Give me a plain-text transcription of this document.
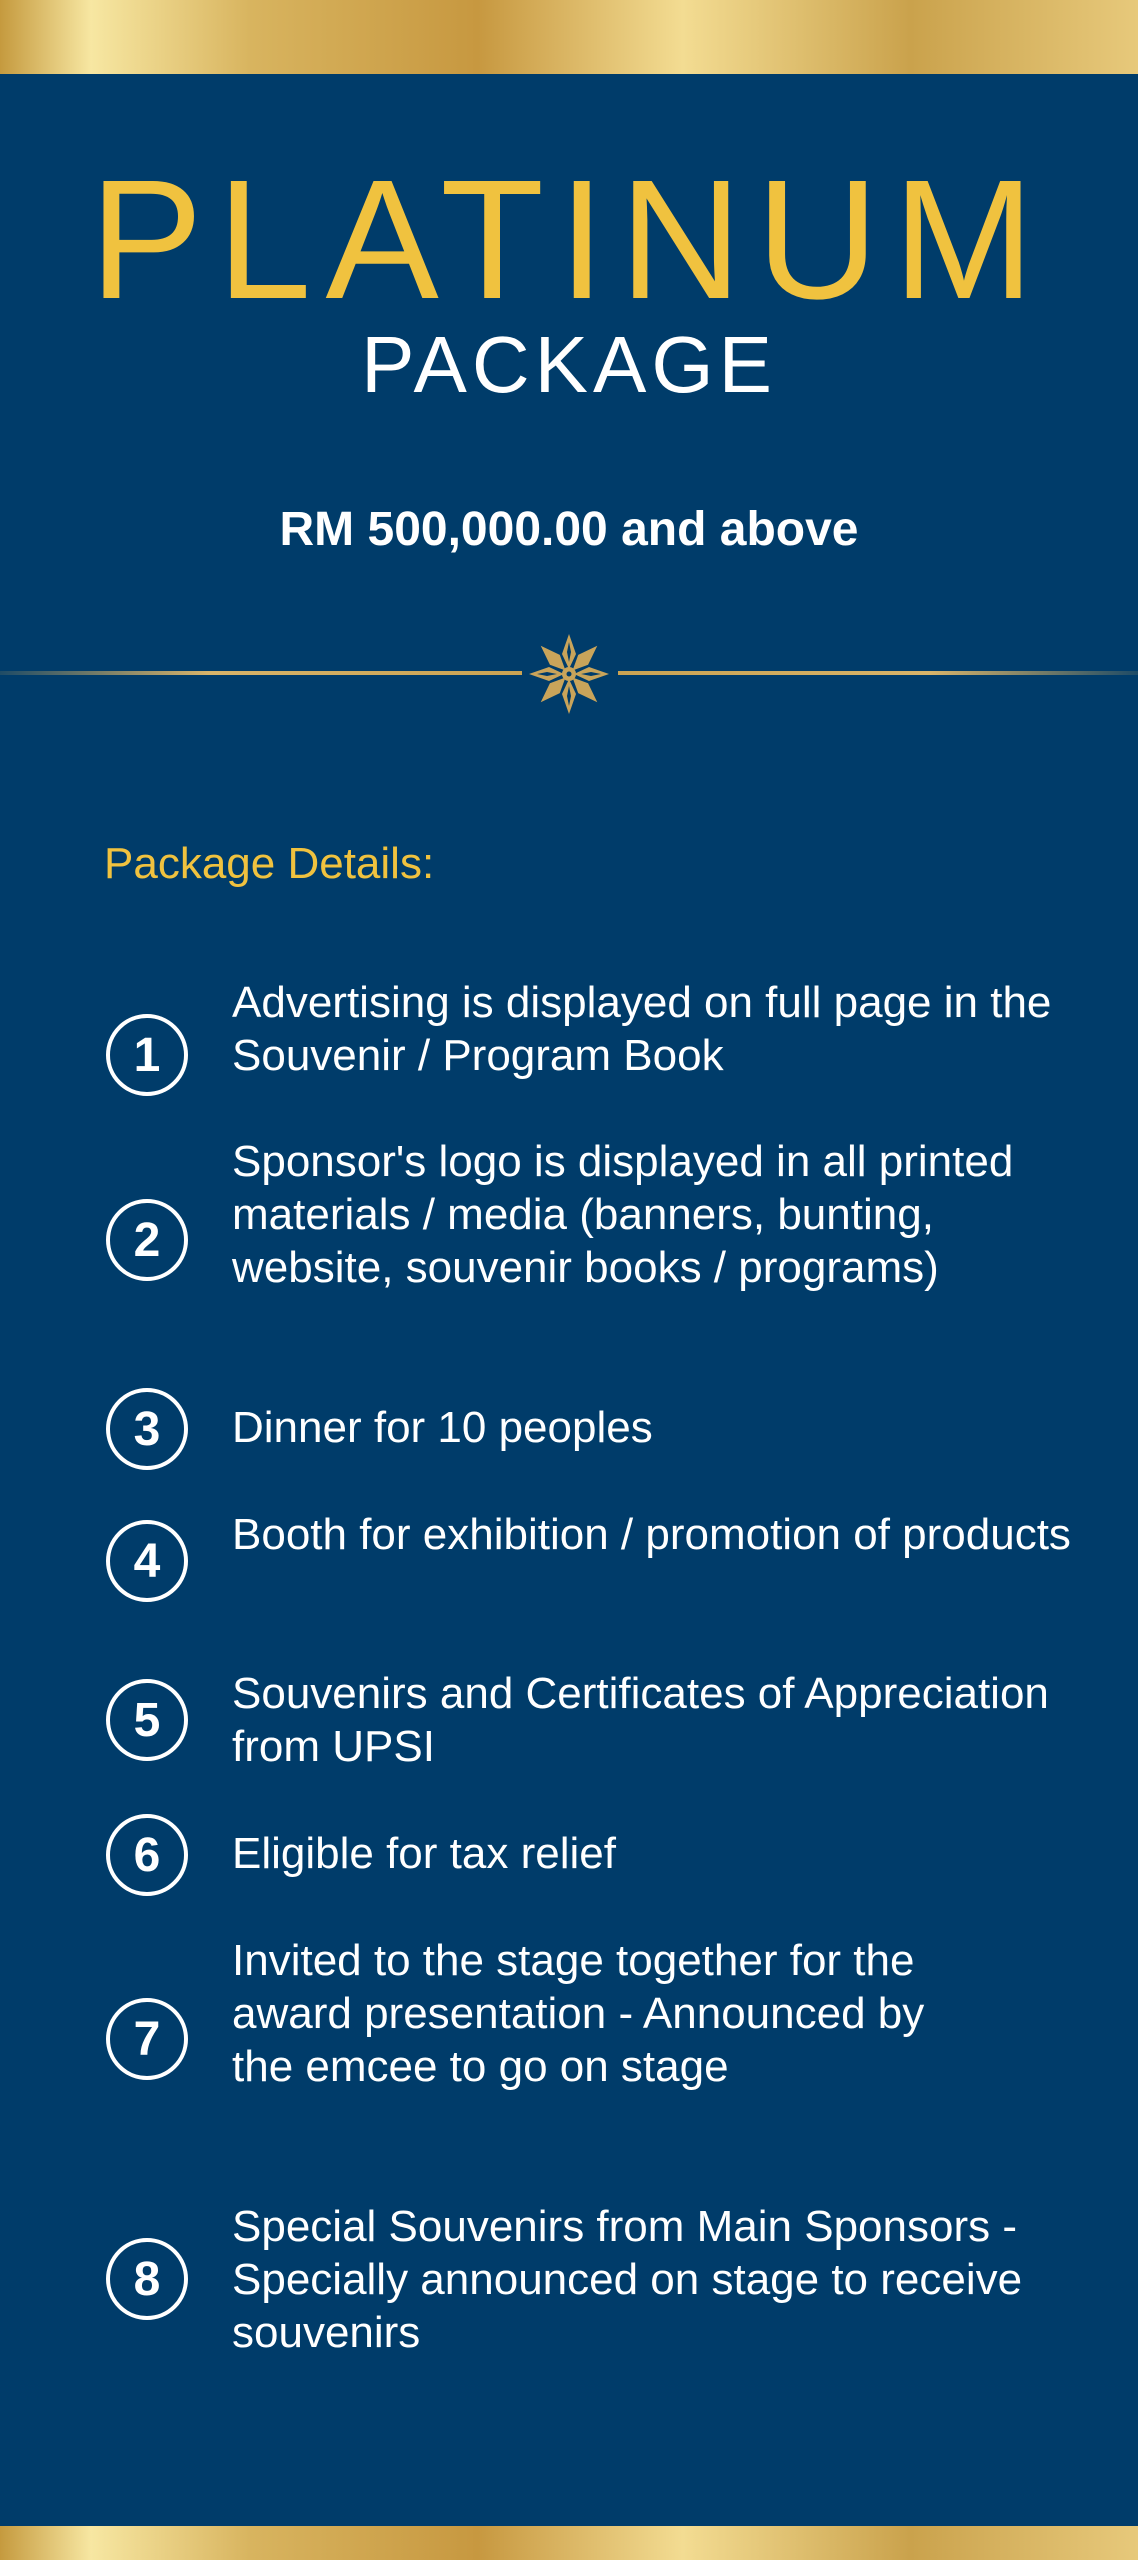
PLATINUM
PACKAGE
RM 500,000.00 and above
Package Details:
1
Advertising is displayed on full page in the Souvenir / Program Book
2
Sponsor's logo is displayed in all printed materials / media (banners, bunting, website, souvenir books / programs)
3	Dinner for 10 peoples
4	Booth for exhibition / promotion of products
5	Souvenirs and Certificates of Appreciation from UPSI
6	Eligible for tax relief
7
Invited to the stage together for the award presentation - Announced by the emcee to go on stage
8
Special Souvenirs from Main Sponsors - Specially announced on stage to receive souvenirs
